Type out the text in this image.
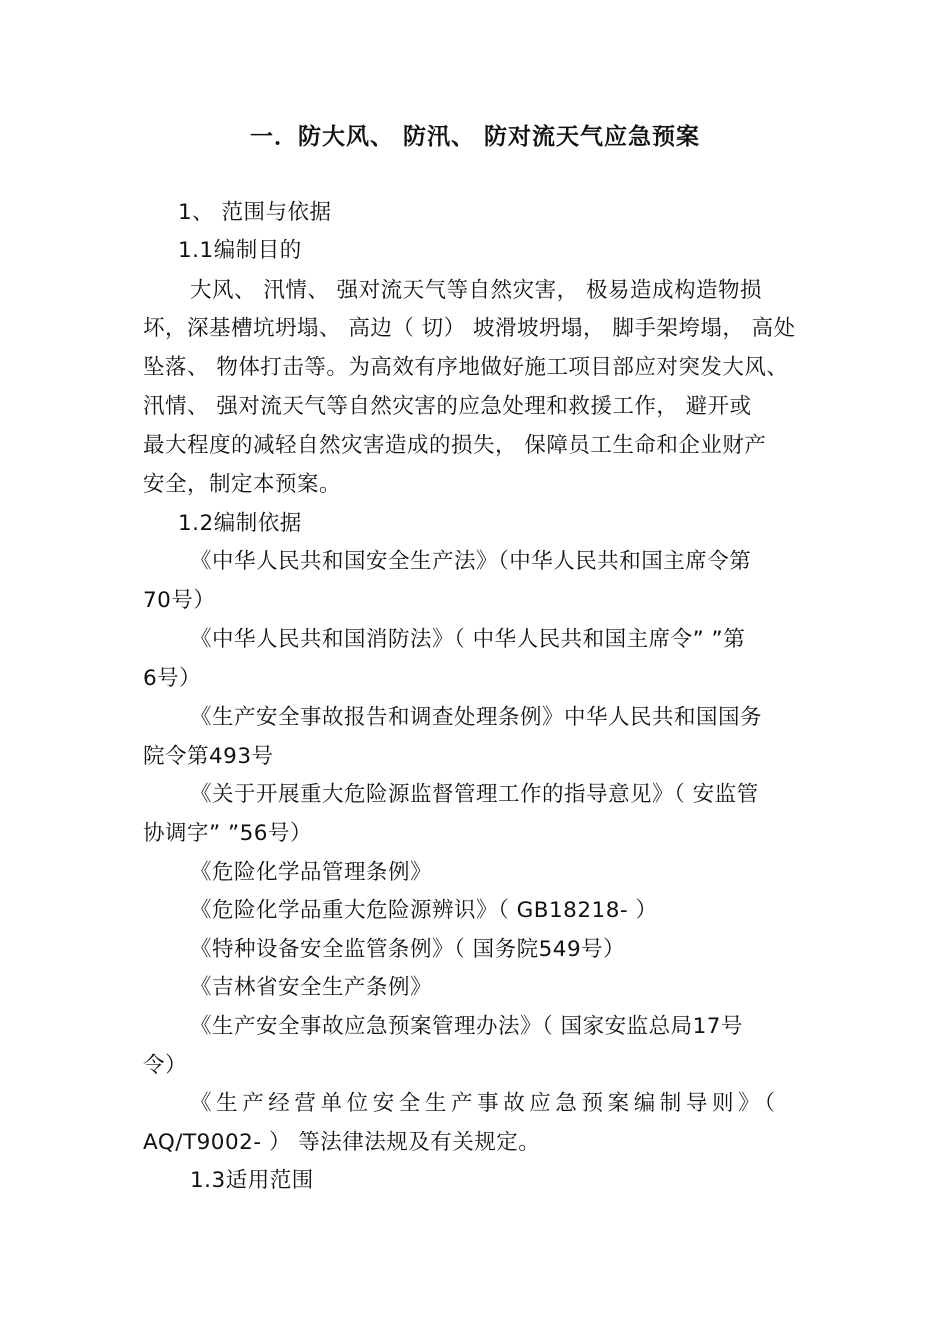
一．防大风、 防汛、 防对流天气应急预案
1、 范围与依据
1.1编制目的
大风、 汛情、 强对流天气等自然灾害， 极易造成构造物损
坏，深基槽坑坍塌、 高边（ 切） 坡滑坡坍塌， 脚手架垮塌， 高处
坠落、 物体打击等。为高效有序地做好施工项目部应对突发大风、
汛情、 强对流天气等自然灾害的应急处理和救援工作， 避开或
最大程度的减轻自然灾害造成的损失， 保障员工生命和企业财产
安全，制定本预案。
1.2编制依据
《中华人民共和国安全生产法》（中华人民共和国主席令第
70号）
《中华人民共和国消防法》（ 中华人民共和国主席令” ”第
6号）
《生产安全事故报告和调查处理条例》中华人民共和国国务
院令第493号
《关于开展重大危险源监督管理工作的指导意见》（ 安监管
协调字” ”56号）
《危险化学品管理条例》
《危险化学品重大危险源辨识》（ GB18218- ）
《特种设备安全监管条例》（ 国务院549号）
《吉林省安全生产条例》
《生产安全事故应急预案管理办法》（ 国家安监总局17号
令）
《生产经营单位安全生产事故应急预案编制导则》（
AQ/T9002- ） 等法律法规及有关规定。
1.3适用范围
